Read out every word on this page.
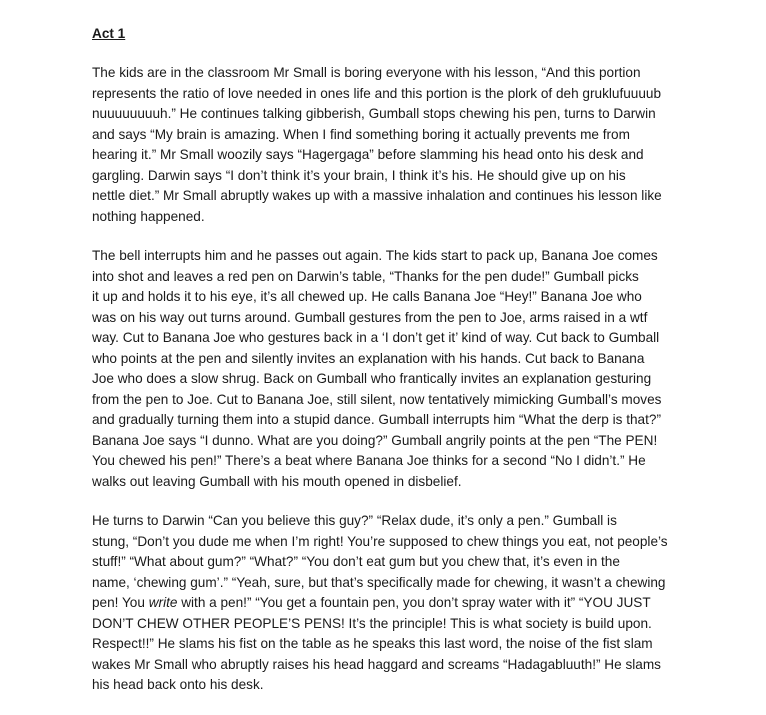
Act 1
The kids are in the classroom Mr Small is boring everyone with his lesson, “And this portion
represents the ratio of love needed in ones life and this portion is the plork of deh gruklufuuuub
nuuuuuuuuh.” He continues talking gibberish, Gumball stops chewing his pen, turns to Darwin
and says “My brain is amazing. When I find something boring it actually prevents me from
hearing it.” Mr Small woozily says “Hagergaga” before slamming his head onto his desk and
gargling. Darwin says “I don’t think it’s your brain, I think it’s his. He should give up on his
nettle diet.” Mr Small abruptly wakes up with a massive inhalation and continues his lesson like
nothing happened.
The bell interrupts him and he passes out again. The kids start to pack up, Banana Joe comes
into shot and leaves a red pen on Darwin’s table, “Thanks for the pen dude!” Gumball picks
it up and holds it to his eye, it’s all chewed up. He calls Banana Joe “Hey!” Banana Joe who
was on his way out turns around. Gumball gestures from the pen to Joe, arms raised in a wtf
way. Cut to Banana Joe who gestures back in a ‘I don’t get it’ kind of way. Cut back to Gumball
who points at the pen and silently invites an explanation with his hands. Cut back to Banana
Joe who does a slow shrug. Back on Gumball who frantically invites an explanation gesturing
from the pen to Joe. Cut to Banana Joe, still silent, now tentatively mimicking Gumball’s moves
and gradually turning them into a stupid dance. Gumball interrupts him “What the derp is that?”
Banana Joe says “I dunno. What are you doing?” Gumball angrily points at the pen “The PEN!
You chewed his pen!” There’s a beat where Banana Joe thinks for a second “No I didn’t.” He
walks out leaving Gumball with his mouth opened in disbelief.
He turns to Darwin “Can you believe this guy?” “Relax dude, it’s only a pen.” Gumball is
stung, “Don’t you dude me when I’m right! You’re supposed to chew things you eat, not people’s
stuff!” “What about gum?” “What?” “You don’t eat gum but you chew that, it’s even in the
name, ‘chewing gum’.” “Yeah, sure, but that’s specifically made for chewing, it wasn’t a chewing
pen! You write with a pen!” “You get a fountain pen, you don’t spray water with it” “YOU JUST
DON’T CHEW OTHER PEOPLE’S PENS! It’s the principle! This is what society is build upon.
Respect!!” He slams his fist on the table as he speaks this last word, the noise of the fist slam
wakes Mr Small who abruptly raises his head haggard and screams “Hadagabluuth!” He slams
his head back onto his desk.
